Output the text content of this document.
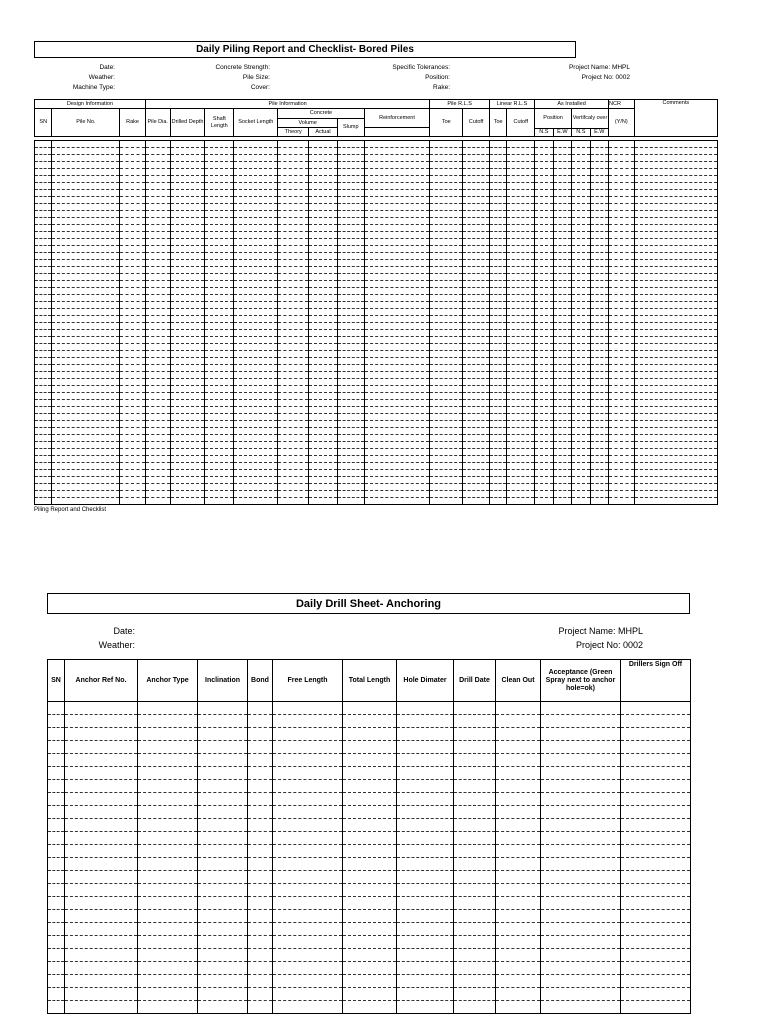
Daily Piling Report and Checklist- Bored Piles
Date:
Weather:
Machine Type:
Concrete Strength:
Pile Size:
Cover:
Specific Tolerances:
Position:
Rake:
Project Name: MHPL
Project No: 0002
Design Information			Pile Information								Pile R.L.S		Linear R.L.S		As Installed				NCR	Comments
SN	Pile No.	Rake	Pile Dia.	Drilled Depth	Shaft Length	Socket Length	Concrete			Reinforcement	Toe	Cutoff	Toe	Cutoff	Position		Vertifcaly over		(Y/N)	
							Volume		Slump											
							Theory	Actual												
															N.S	E.W	N.S	E.W		

Piling Report and Checklist
Daily Drill Sheet- Anchoring
Date:
Weather:
Project Name: MHPL
Project No: 0002
SN	Anchor Ref No.	Anchor Type	Inclination	Bond	Free Length	Total Length	Hole Dimater	Drill Date	Clean Out	Acceptance (Green Spray next to anchor hole=ok)	Drillers Sign Off
